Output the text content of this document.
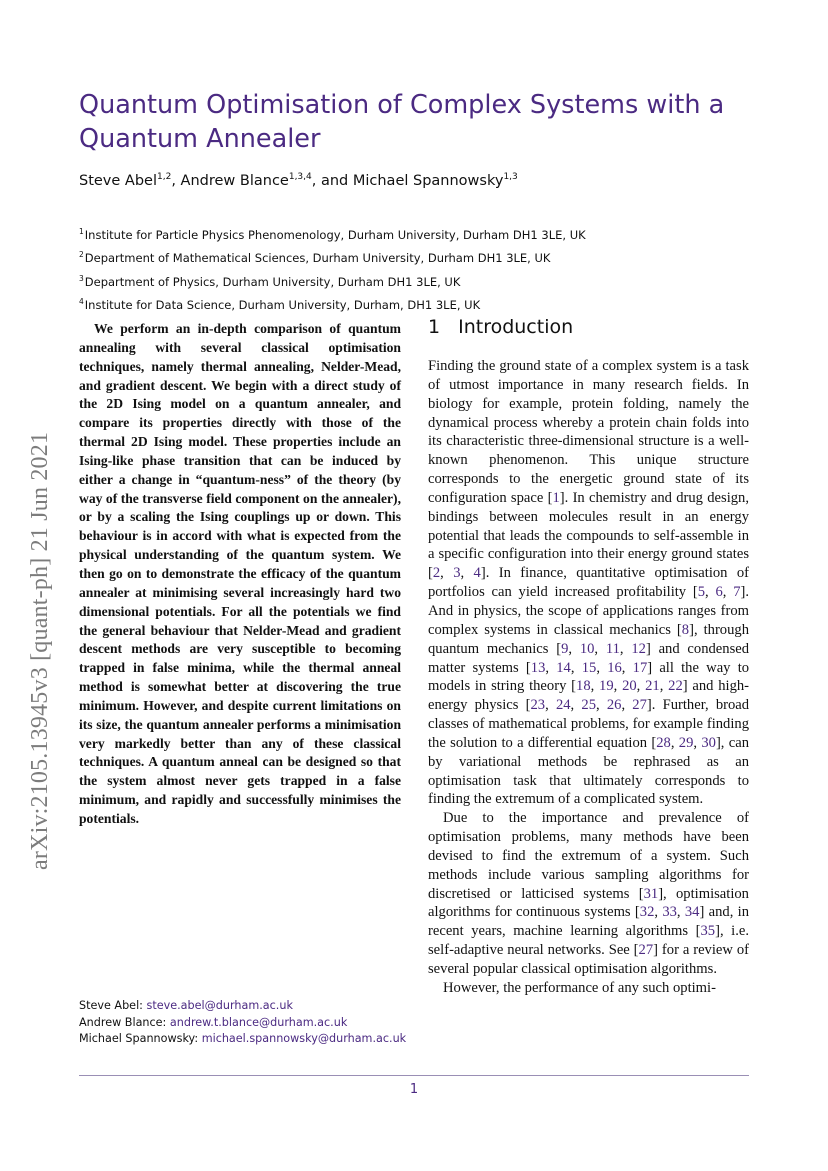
Quantum Optimisation of Complex Systems with a Quantum Annealer
Steve Abel$^{1,2}$, Andrew Blance$^{1,3,4}$, and Michael Spannowsky$^{1,3}$
$^1$Institute for Particle Physics Phenomenology, Durham University, Durham DH1 3LE, UK
$^2$Department of Mathematical Sciences, Durham University, Durham DH1 3LE, UK
$^3$Department of Physics, Durham University, Durham DH1 3LE, UK
$^4$Institute for Data Science, Durham University, Durham, DH1 3LE, UK
arXiv:2105.13945v3 [quant-ph] 21 Jun 2021

We perform an in-depth comparison of quantum annealing with several classical optimisation techniques, namely thermal annealing, Nelder-Mead, and gradient descent. We begin with a direct study of the 2D Ising model on a quantum annealer, and compare its properties directly with those of the thermal 2D Ising model. These properties include an Ising-like phase transition that can be induced by either a change in “quantum-ness” of the theory (by way of the transverse field component on the annealer), or by a scaling the Ising couplings up or down. This behaviour is in accord with what is expected from the physical understanding of the quantum system. We then go on to demonstrate the efficacy of the quantum annealer at minimising several increasingly hard two dimensional potentials. For all the potentials we find the general behaviour that Nelder-Mead and gradient descent methods are very susceptible to becoming trapped in false minima, while the thermal anneal method is somewhat better at discovering the true minimum. However, and despite current limitations on its size, the quantum annealer performs a minimisation very markedly better than any of these classical techniques. A quantum anneal can be designed so that the system almost never gets trapped in a false minimum, and rapidly and successfully minimises the potentials.

1 Introduction

Finding the ground state of a complex system is a task of utmost importance in many research fields. In biology for example, protein folding, namely the dynamical process whereby a protein chain folds into its characteristic three-dimensional structure is a well-known phenomenon. This unique structure corresponds to the energetic ground state of its configuration space [1]. In chemistry and drug design, bindings between molecules result in an energy potential that leads the compounds to self-assemble in a specific configuration into their energy ground states [2, 3, 4]. In finance, quantitative optimisation of portfolios can yield increased profitability [5, 6, 7]. And in physics, the scope of applications ranges from complex systems in classical mechanics [8], through quantum mechanics [9, 10, 11, 12] and condensed matter systems [13, 14, 15, 16, 17] all the way to models in string theory [18, 19, 20, 21, 22] and high-energy physics [23, 24, 25, 26, 27]. Further, broad classes of mathematical problems, for example finding the solution to a differential equation [28, 29, 30], can by variational methods be rephrased as an optimisation task that ultimately corresponds to finding the extremum of a complicated system.

Due to the importance and prevalence of optimisation problems, many methods have been devised to find the extremum of a system. Such methods include various sampling algorithms for discretised or latticised systems [31], optimisation algorithms for continuous systems [32, 33, 34] and, in recent years, machine learning algorithms [35], i.e. self-adaptive neural networks. See [27] for a review of several popular classical optimisation algorithms.

However, the performance of any such optimi-

Steve Abel: steve.abel@durham.ac.uk
Andrew Blance: andrew.t.blance@durham.ac.uk
Michael Spannowsky: michael.spannowsky@durham.ac.uk
1
